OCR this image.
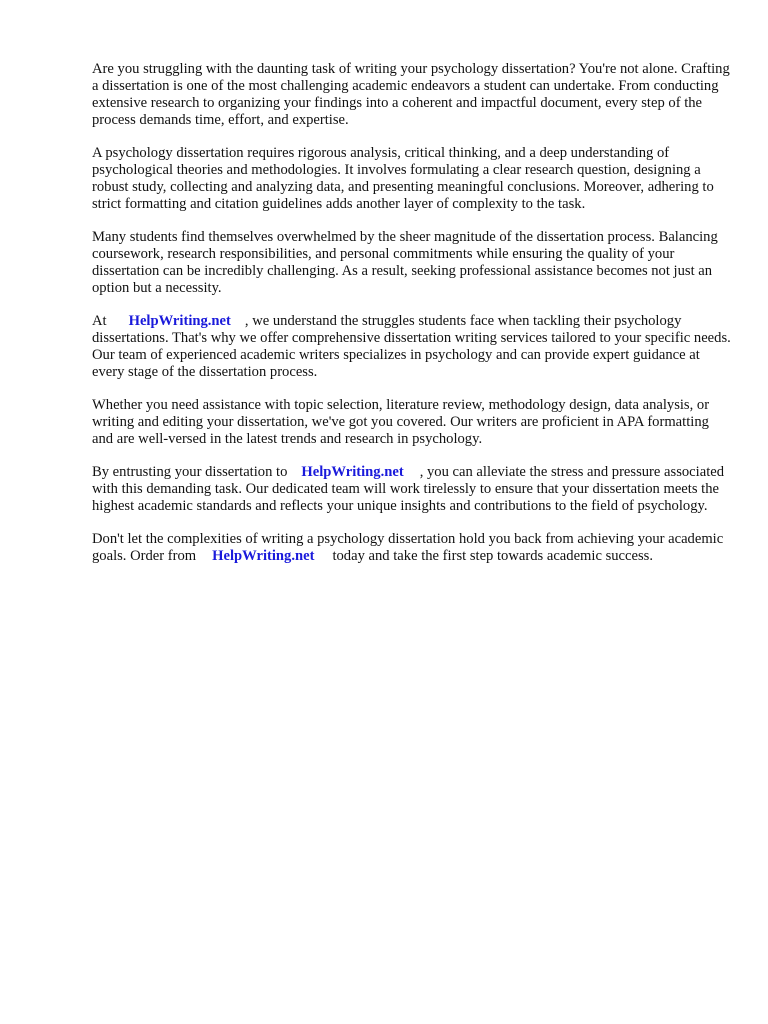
Are you struggling with the daunting task of writing your psychology dissertation? You're not alone. Crafting a dissertation is one of the most challenging academic endeavors a student can undertake. From conducting extensive research to organizing your findings into a coherent and impactful document, every step of the process demands time, effort, and expertise.

A psychology dissertation requires rigorous analysis, critical thinking, and a deep understanding of psychological theories and methodologies. It involves formulating a clear research question, designing a robust study, collecting and analyzing data, and presenting meaningful conclusions. Moreover, adhering to strict formatting and citation guidelines adds another layer of complexity to the task.

Many students find themselves overwhelmed by the sheer magnitude of the dissertation process. Balancing coursework, research responsibilities, and personal commitments while ensuring the quality of your dissertation can be incredibly challenging. As a result, seeking professional assistance becomes not just an option but a necessity.

At HelpWriting.net , we understand the struggles students face when tackling their psychology dissertations. That's why we offer comprehensive dissertation writing services tailored to your specific needs. Our team of experienced academic writers specializes in psychology and can provide expert guidance at every stage of the dissertation process.

Whether you need assistance with topic selection, literature review, methodology design, data analysis, or writing and editing your dissertation, we've got you covered. Our writers are proficient in APA formatting and are well-versed in the latest trends and research in psychology.

By entrusting your dissertation to HelpWriting.net , you can alleviate the stress and pressure associated with this demanding task. Our dedicated team will work tirelessly to ensure that your dissertation meets the highest academic standards and reflects your unique insights and contributions to the field of psychology.

Don't let the complexities of writing a psychology dissertation hold you back from achieving your academic goals. Order from HelpWriting.net today and take the first step towards academic success.
